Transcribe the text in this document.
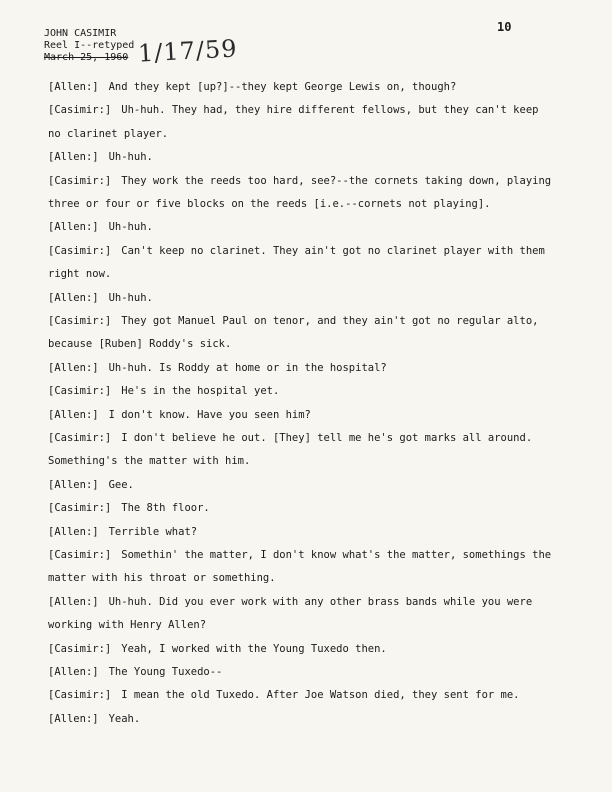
10
JOHN CASIMIR
Reel I--retyped
March 25, 1960 1/17/59
[ Allen :] And they kept [up?]--they kept George Lewis on, though?
[ Casimir :] Uh-huh. They had, they hire different fellows, but they can't keep
no clarinet player.
[ Allen :] Uh-huh.
[ Casimir :] They work the reeds too hard, see?--the cornets taking down, playing
three or four or five blocks on the reeds [i.e.--cornets not playing].
[ Allen :] Uh-huh.
[ Casimir :] Can't keep no clarinet. They ain't got no clarinet player with them
right now.
[ Allen :] Uh-huh.
[ Casimir :] They got Manuel Paul on tenor, and they ain't got no regular alto,
because [Ruben] Roddy's sick.
[ Allen :] Uh-huh. Is Roddy at home or in the hospital?
[ Casimir :] He's in the hospital yet.
[ Allen :] I don't know. Have you seen him?
[ Casimir :] I don't believe he out. [They] tell me he's got marks all around.
Something's the matter with him.
[ Allen :] Gee.
[ Casimir :] The 8th floor.
[ Allen :] Terrible what?
[ Casimir :] Somethin' the matter, I don't know what's the matter, somethings the
matter with his throat or something.
[ Allen :] Uh-huh. Did you ever work with any other brass bands while you were
working with Henry Allen?
[ Casimir :] Yeah, I worked with the Young Tuxedo then.
[ Allen :] The Young Tuxedo--
[ Casimir :] I mean the old Tuxedo. After Joe Watson died, they sent for me.
[ Allen :] Yeah.
